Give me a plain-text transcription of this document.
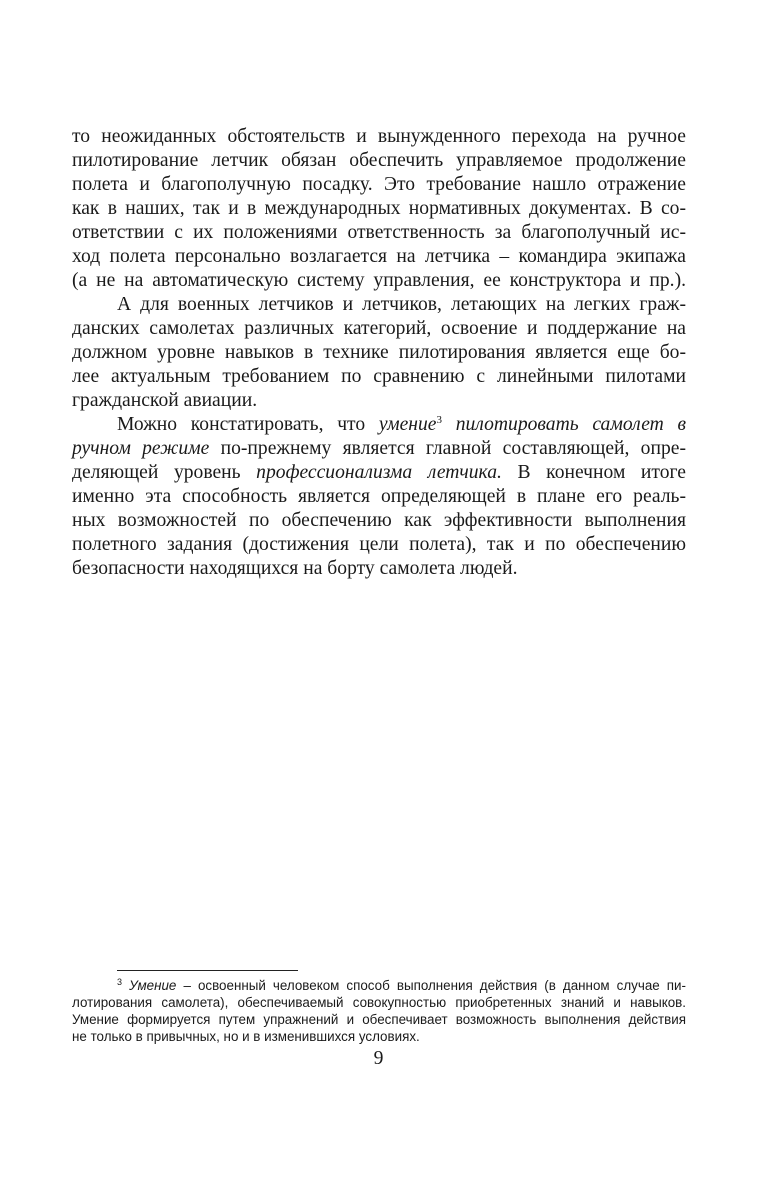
то неожиданных обстоятельств и вынужденного перехода на ручное
пилотирование летчик обязан обеспечить управляемое продолжение
полета и благополучную посадку. Это требование нашло отражение
как в наших, так и в международных нормативных документах. В со-
ответствии с их положениями ответственность за благополучный ис-
ход полета персонально возлагается на летчика – командира экипажа
(а не на автоматическую систему управления, ее конструктора и пр.).
А для военных летчиков и летчиков, летающих на легких граж-
данских самолетах различных категорий, освоение и поддержание на
должном уровне навыков в технике пилотирования является еще бо-
лее актуальным требованием по сравнению с линейными пилотами
гражданской авиации.
Можно констатировать, что умение$^3$ пилотировать самолет в
ручном режиме по-прежнему является главной составляющей, опре-
деляющей уровень профессионализма летчика. В конечном итоге
именно эта способность является определяющей в плане его реаль-
ных возможностей по обеспечению как эффективности выполнения
полетного задания (достижения цели полета), так и по обеспечению
безопасности находящихся на борту самолета людей.
$^3$ Умение – освоенный человеком способ выполнения действия (в данном случае пи-
лотирования самолета), обеспечиваемый совокупностью приобретенных знаний и навыков.
Умение формируется путем упражнений и обеспечивает возможность выполнения действия
не только в привычных, но и в изменившихся условиях.
9
